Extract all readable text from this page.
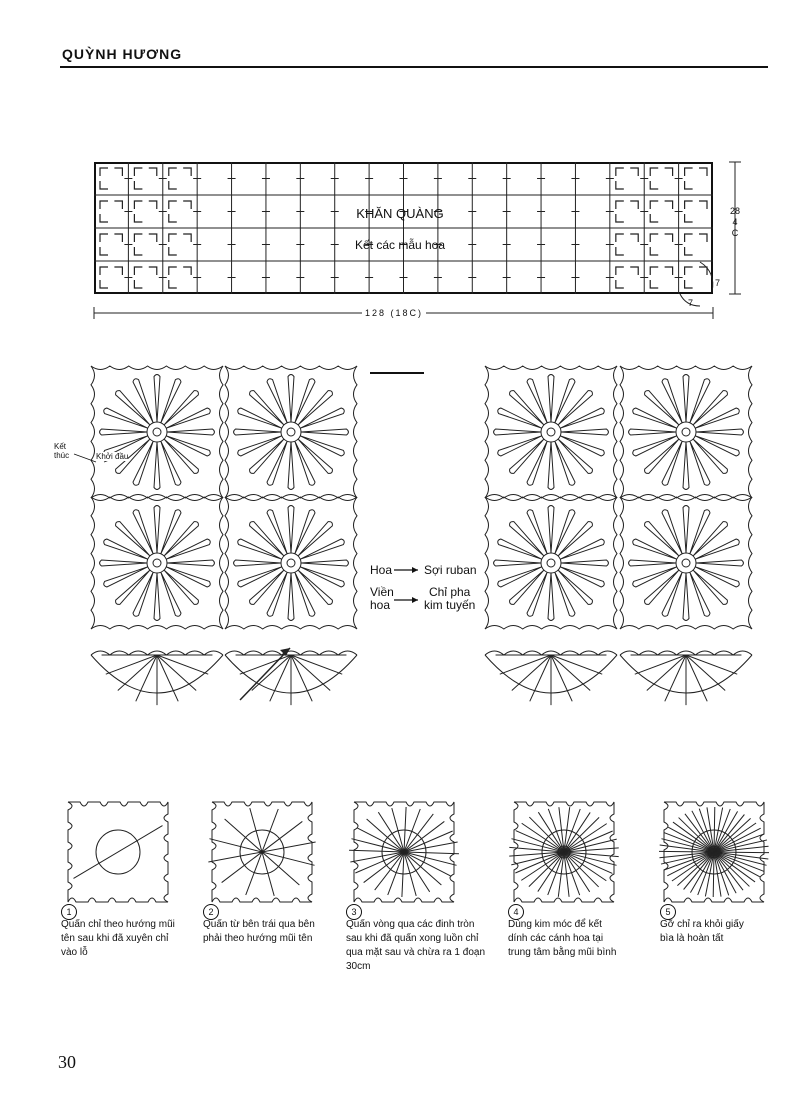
QUỲNH HƯƠNG
KHĂN QUÀNG
Kết các mẫu hoa
128 (18C)
28
4
C
7
7
Kết
thúc	Khởi đầu
Hoa	Sợi ruban
Viền
hoa
Chỉ pha
kim tuyến
1
Quấn chỉ theo hướng mũi
tên sau khi đã xuyên chỉ
vào lỗ
2
Quấn từ bên trái qua bên
phải theo hướng mũi tên
3
Quấn vòng qua các đinh tròn
sau khi đã quấn xong luồn chỉ
qua mặt sau và chừa ra 1 đoạn
30cm
4
Dùng kim móc để kết
dính các cánh hoa tại
trung tâm bằng mũi bình
5
Gỡ chỉ ra khỏi giấy
bìa là hoàn tất
30
